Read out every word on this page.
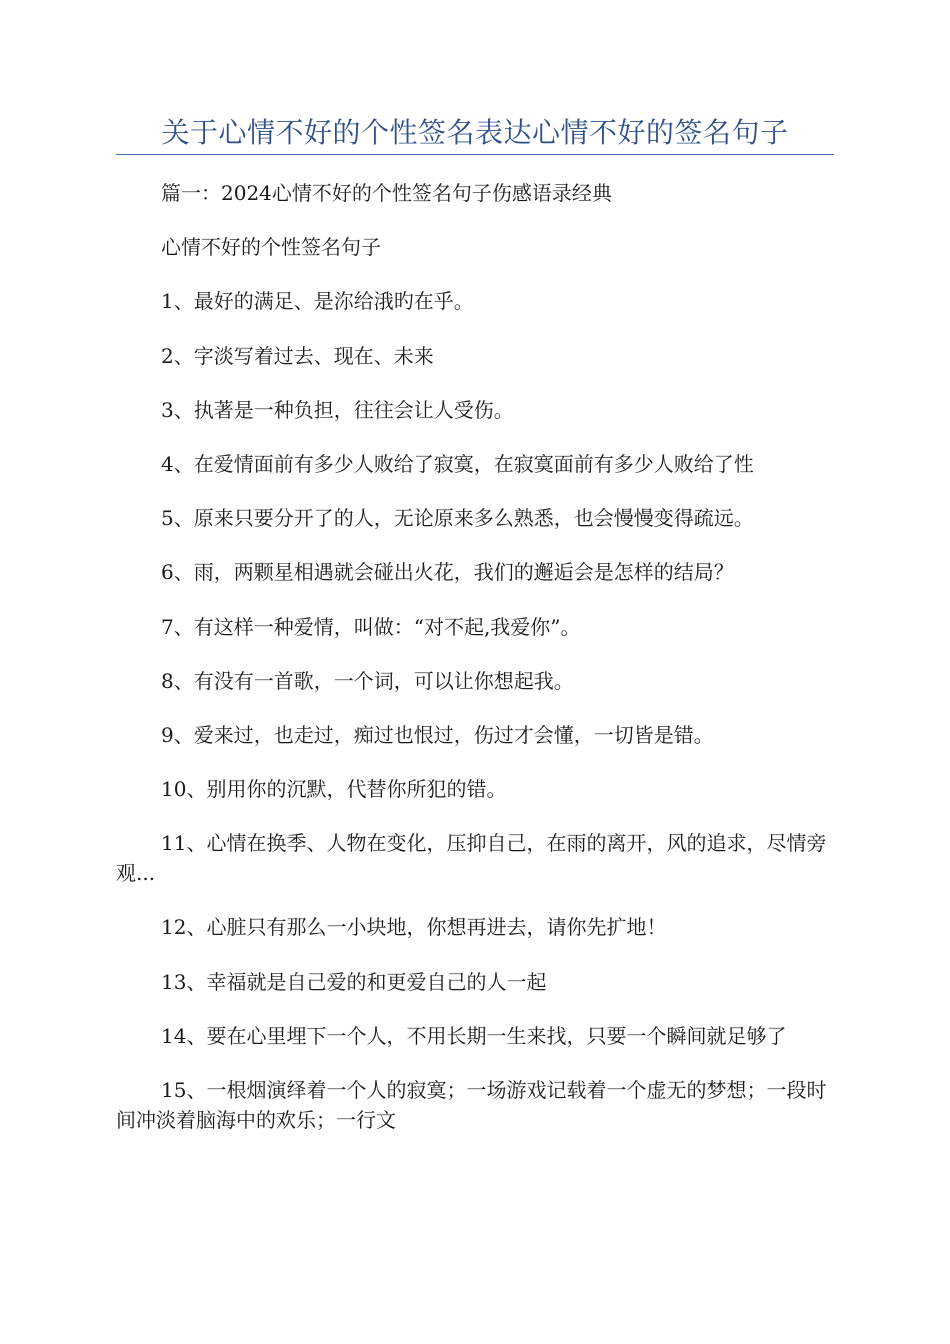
关于心情不好的个性签名表达心情不好的签名句子

篇一：2024心情不好的个性签名句子伤感语录经典

心情不好的个性签名句子

1、最好的满足、是沵给涐旳在乎。

2、字淡写着过去、现在、未来

3、执著是一种负担，往往会让人受伤。

4、在爱情面前有多少人败给了寂寞，在寂寞面前有多少人败给了性

5、原来只要分开了的人，无论原来多么熟悉，也会慢慢变得疏远。

6、雨，两颗星相遇就会碰出火花，我们的邂逅会是怎样的结局？

7、有这样一种爱情，叫做：“对不起,我爱你”。

8、有没有一首歌，一个词，可以让你想起我。

9、爱来过，也走过，痴过也恨过，伤过才会懂，一切皆是错。

10、别用你的沉默，代替你所犯的错。

11、心情在换季、人物在变化，压抑自己，在雨的离开，风的追求，尽情旁观...

12、心脏只有那么一小块地，你想再进去，请你先扩地！

13、幸福就是自己爱的和更爱自己的人一起

14、要在心里埋下一个人，不用长期一生来找，只要一个瞬间就足够了

15、一根烟演绎着一个人的寂寞；一场游戏记载着一个虚无的梦想；一段时间冲淡着脑海中的欢乐；一行文
